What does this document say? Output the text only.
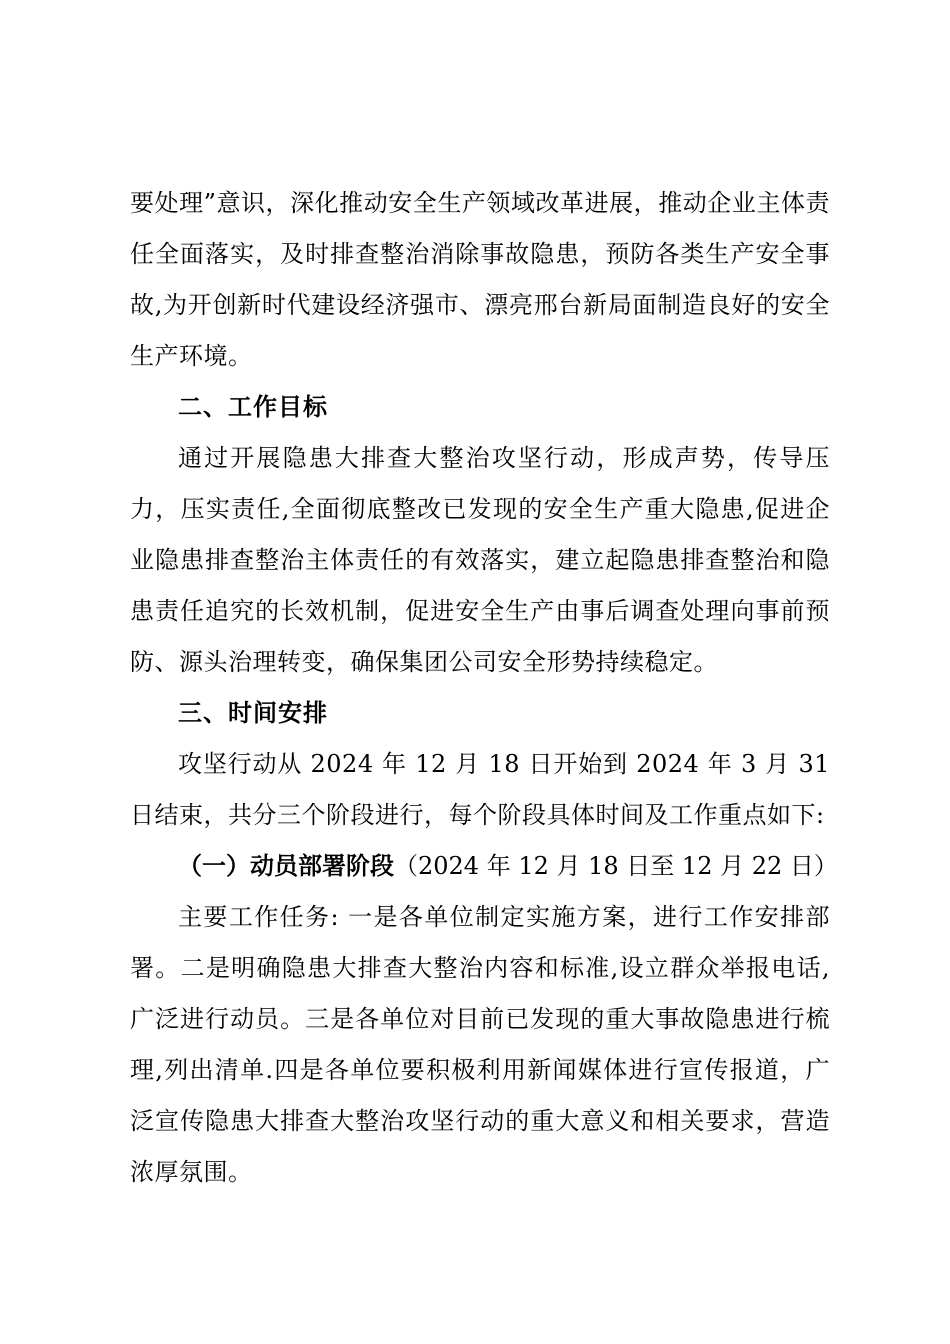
要处理”意识，深化推动安全生产领域改革进展，推动企业主体责任全面落实，及时排查整治消除事故隐患，预防各类生产安全事故,为开创新时代建设经济强市、漂亮邢台新局面制造良好的安全生产环境。

二、工作目标

通过开展隐患大排查大整治攻坚行动，形成声势，传导压力，压实责任,全面彻底整改已发现的安全生产重大隐患,促进企业隐患排查整治主体责任的有效落实，建立起隐患排查整治和隐患责任追究的长效机制，促进安全生产由事后调查处理向事前预防、源头治理转变，确保集团公司安全形势持续稳定。

三、时间安排

攻坚行动从 2024 年 12 月 18 日开始到 2024 年 3 月 31 日结束，共分三个阶段进行，每个阶段具体时间及工作重点如下:

（一）动员部署阶段（2024 年 12 月 18 日至 12 月 22 日）

主要工作任务: 一是各单位制定实施方案，进行工作安排部署。二是明确隐患大排查大整治内容和标准,设立群众举报电话,广泛进行动员。三是各单位对目前已发现的重大事故隐患进行梳理,列出清单.四是各单位要积极利用新闻媒体进行宣传报道，广泛宣传隐患大排查大整治攻坚行动的重大意义和相关要求，营造浓厚氛围。
